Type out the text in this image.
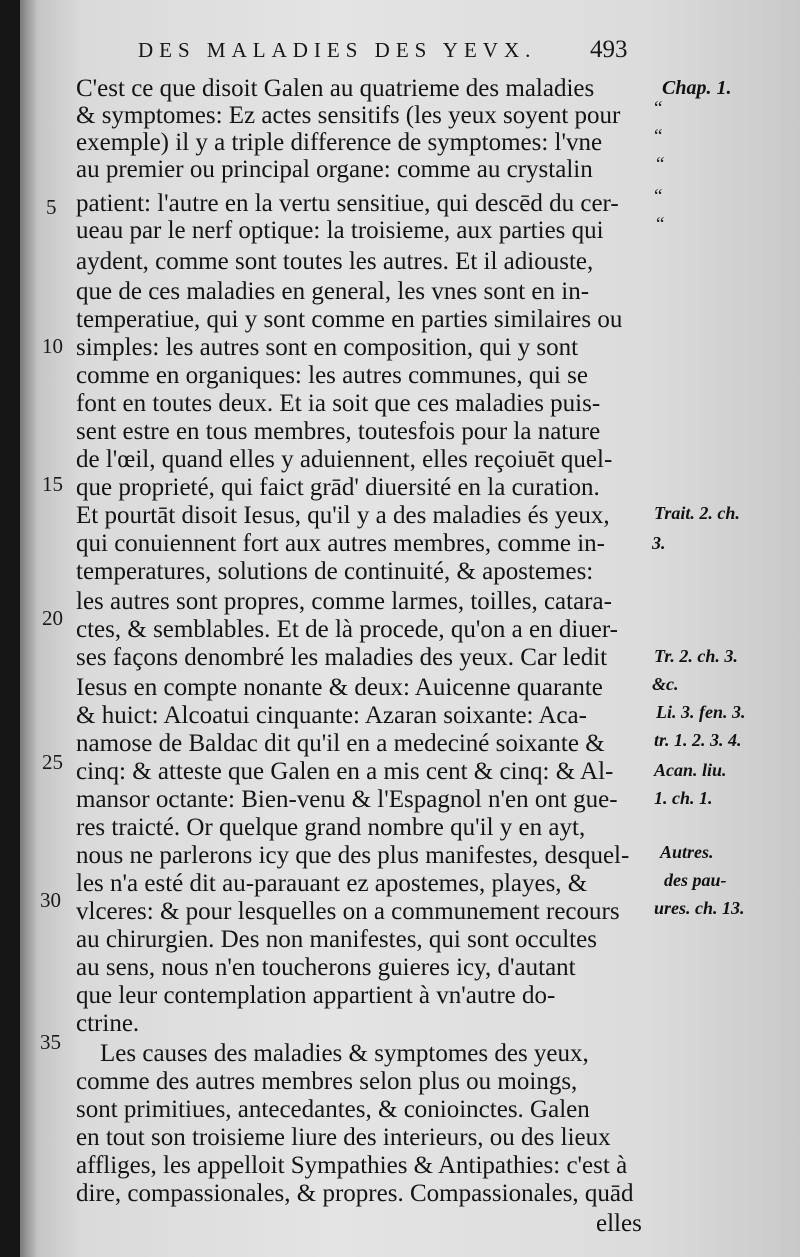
DES MALADIES DES YEVX.	493
C'est ce que disoit Galen au quatrieme des maladies
& symptomes: Ez actes sensitifs (les yeux soyent pour
exemple) il y a triple difference de symptomes: l'vne
au premier ou principal organe: comme au crystalin
patient: l'autre en la vertu sensitiue, qui descēd du cer-
ueau par le nerf optique: la troisieme, aux parties qui
aydent, comme sont toutes les autres. Et il adiouste,
que de ces maladies en general, les vnes sont en in-
temperatiue, qui y sont comme en parties similaires ou
simples: les autres sont en composition, qui y sont
comme en organiques: les autres communes, qui se
font en toutes deux. Et ia soit que ces maladies puis-
sent estre en tous membres, toutesfois pour la nature
de l'œil, quand elles y aduiennent, elles reçoiuēt quel-
que proprieté, qui faict grād' diuersité en la curation.
Et pourtāt disoit Iesus, qu'il y a des maladies és yeux,
qui conuiennent fort aux autres membres, comme in-
temperatures, solutions de continuité, & apostemes:
les autres sont propres, comme larmes, toilles, catara-
ctes, & semblables. Et de là procede, qu'on a en diuer-
ses façons denombré les maladies des yeux. Car ledit
Iesus en compte nonante & deux: Auicenne quarante
& huict: Alcoatui cinquante: Azaran soixante: Aca-
namose de Baldac dit qu'il en a medeciné soixante &
cinq: & atteste que Galen en a mis cent & cinq: & Al-
mansor octante: Bien-venu & l'Espagnol n'en ont gue-
res traicté. Or quelque grand nombre qu'il y en ayt,
nous ne parlerons icy que des plus manifestes, desquel-
les n'a esté dit au-parauant ez apostemes, playes, &
vlceres: & pour lesquelles on a communement recours
au chirurgien. Des non manifestes, qui sont occultes
au sens, nous n'en toucherons guieres icy, d'autant
que leur contemplation appartient à vn'autre do-
ctrine.
Les causes des maladies & symptomes des yeux,
comme des autres membres selon plus ou moings,
sont primitiues, antecedantes, & conioinctes. Galen
en tout son troisieme liure des interieurs, ou des lieux
affliges, les appelloit Sympathies & Antipathies: c'est à
dire, compassionales, & propres. Compassionales, quād
elles
5
10
15
20
25
30
35
“
“
“
“
“
Chap. 1.
Trait. 2. ch.
3.
Tr. 2. ch. 3.
&c.
Li. 3. fen. 3.
tr. 1. 2. 3. 4.
Acan. liu.
1. ch. 1.
Autres.
des pau-
ures. ch. 13.
